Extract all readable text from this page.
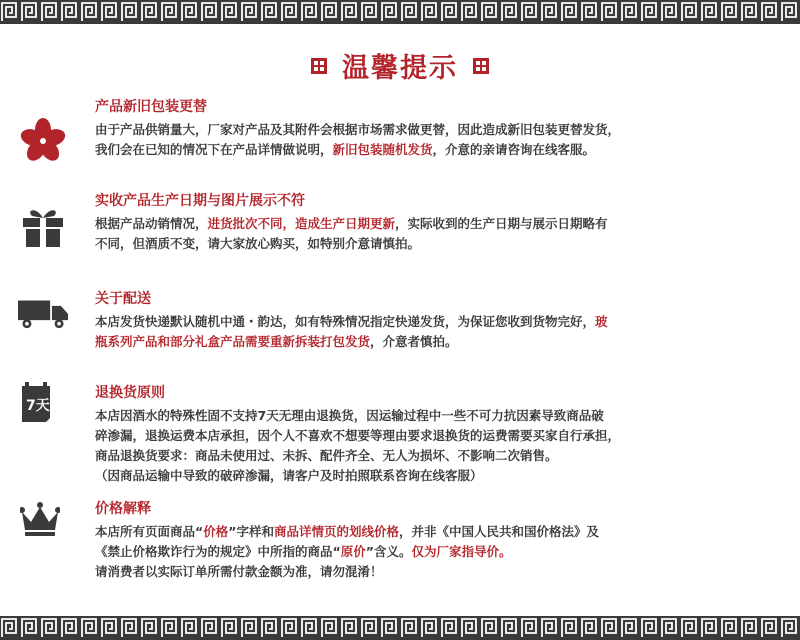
温馨提示
产品新旧包装更替
由于产品供销量大，厂家对产品及其附件会根据市场需求做更替，因此造成新旧包装更替发货，
我们会在已知的情况下在产品详情做说明，新旧包装随机发货，介意的亲请咨询在线客服。
实收产品生产日期与图片展示不符
根据产品动销情况，进货批次不同，造成生产日期更新，实际收到的生产日期与展示日期略有
不同，但酒质不变，请大家放心购买，如特别介意请慎拍。
关于配送
本店发货快递默认随机中通・韵达，如有特殊情况指定快递发货，为保证您收到货物完好，玻
瓶系列产品和部分礼盒产品需要重新拆装打包发货，介意者慎拍。
7天
退换货原则
本店因酒水的特殊性固不支持7天无理由退换货，因运输过程中一些不可力抗因素导致商品破
碎渗漏，退换运费本店承担，因个人不喜欢不想要等理由要求退换货的运费需要买家自行承担，
商品退换货要求：商品未使用过、未拆、配件齐全、无人为损坏、不影响二次销售。
（因商品运输中导致的破碎渗漏，请客户及时拍照联系咨询在线客服）
价格解释
本店所有页面商品“价格”字样和商品详情页的划线价格，并非《中国人民共和国价格法》及
《禁止价格欺诈行为的规定》中所指的商品“原价”含义。仅为厂家指导价。
请消费者以实际订单所需付款金额为准，请勿混淆！
